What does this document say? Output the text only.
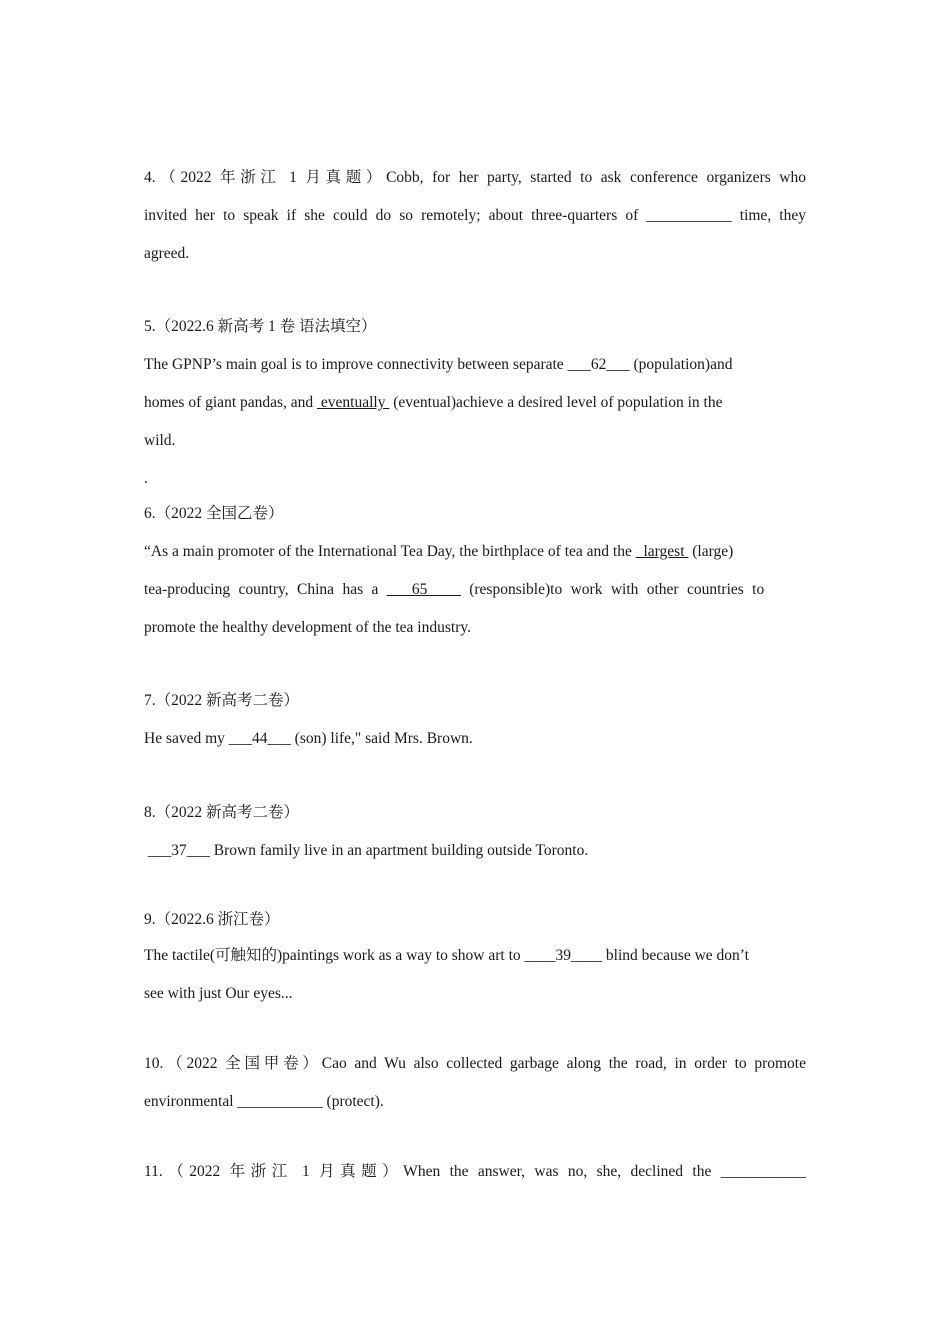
4.（2022 年浙江 1 月真题）Cobb, for her party, started to ask conference organizers who
invited her to speak if she could do so remotely; about three-quarters of ___________ time, they
agreed.
5.（2022.6 新高考 1 卷 语法填空）
The GPNP’s main goal is to improve connectivity between separate ___62___ (population)and
homes of giant pandas, and  eventually  (eventual)achieve a desired level of population in the
wild.
.
6.（2022 全国乙卷）
“As a main promoter of the International Tea Day, the birthplace of tea and the   largest  (large)
tea-producing country, China has a    65     (responsible)to work with other countries to
promote the healthy development of the tea industry.
7.（2022 新高考二卷）
He saved my ___44___ (son) life," said Mrs. Brown.
8.（2022 新高考二卷）
___37___ Brown family live in an apartment building outside Toronto.
9.（2022.6 浙江卷）
The tactile(可触知的)paintings work as a way to show art to ____39____ blind because we don’t
see with just Our eyes...
10.（2022 全国甲卷）Cao and Wu also collected garbage along the road, in order to promote
environmental ___________ (protect).
11.（2022 年浙江 1 月真题）When the answer, was no, she, declined the ___________
